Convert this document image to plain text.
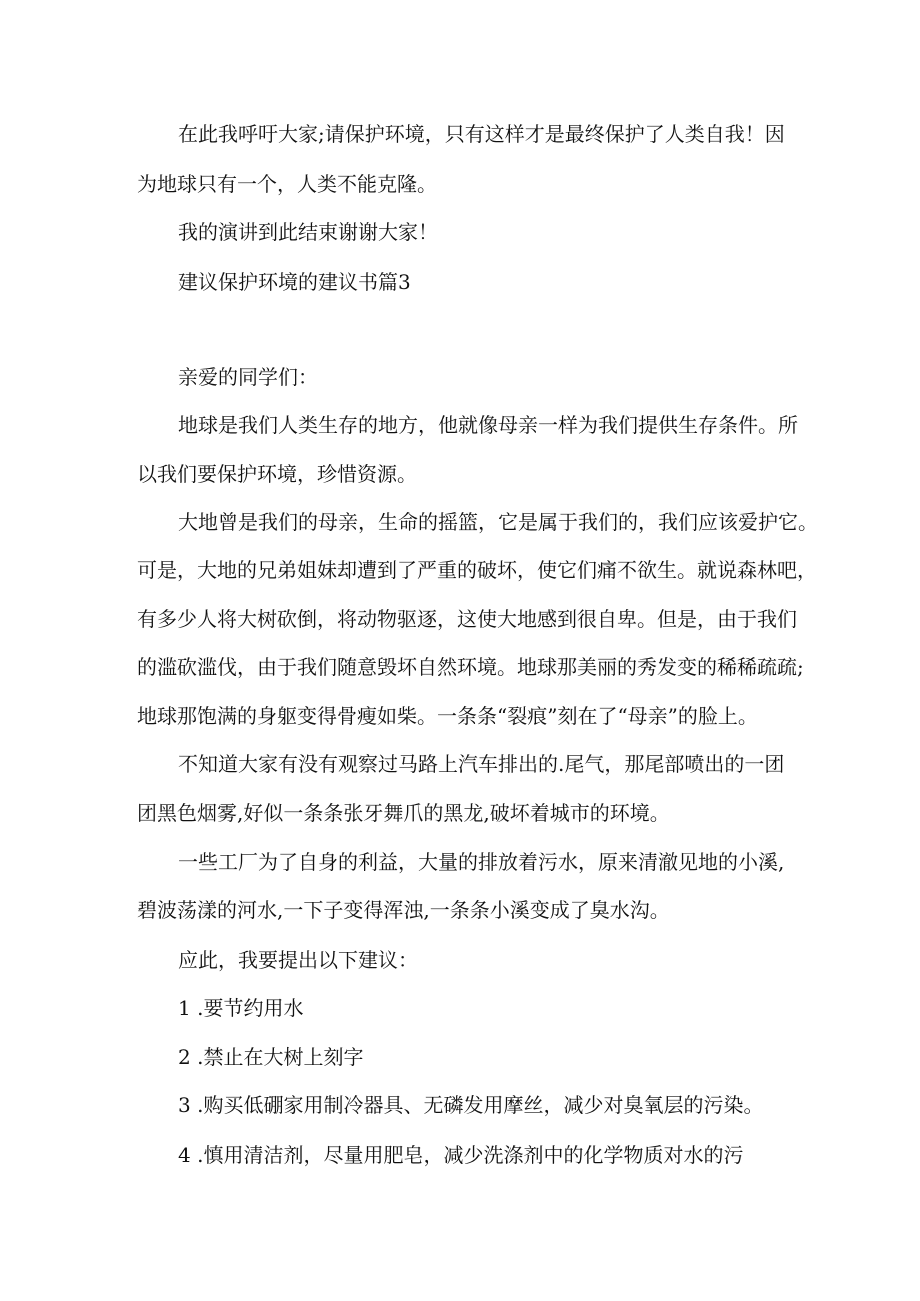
在此我呼吁大家;请保护环境，只有这样才是最终保护了人类自我！因
为地球只有一个，人类不能克隆。
我的演讲到此结束谢谢大家！
建议保护环境的建议书篇3
亲爱的同学们：
地球是我们人类生存的地方，他就像母亲一样为我们提供生存条件。所
以我们要保护环境，珍惜资源。
大地曾是我们的母亲，生命的摇篮，它是属于我们的，我们应该爱护它。
可是，大地的兄弟姐妹却遭到了严重的破坏，使它们痛不欲生。就说森林吧，
有多少人将大树砍倒，将动物驱逐，这使大地感到很自卑。但是，由于我们
的滥砍滥伐，由于我们随意毁坏自然环境。地球那美丽的秀发变的稀稀疏疏;
地球那饱满的身躯变得骨瘦如柴。一条条“裂痕”刻在了“母亲”的脸上。
不知道大家有没有观察过马路上汽车排出的.尾气，那尾部喷出的一团
团黑色烟雾,好似一条条张牙舞爪的黑龙,破坏着城市的环境。
一些工厂为了自身的利益，大量的排放着污水，原来清澈见地的小溪,
碧波荡漾的河水,一下子变得浑浊,一条条小溪变成了臭水沟。
应此，我要提出以下建议：
1 .要节约用水
2 .禁止在大树上刻字
3 .购买低硼家用制冷器具、无磷发用摩丝，减少对臭氧层的污染。
4 .慎用清洁剂，尽量用肥皂，减少洗涤剂中的化学物质对水的污
